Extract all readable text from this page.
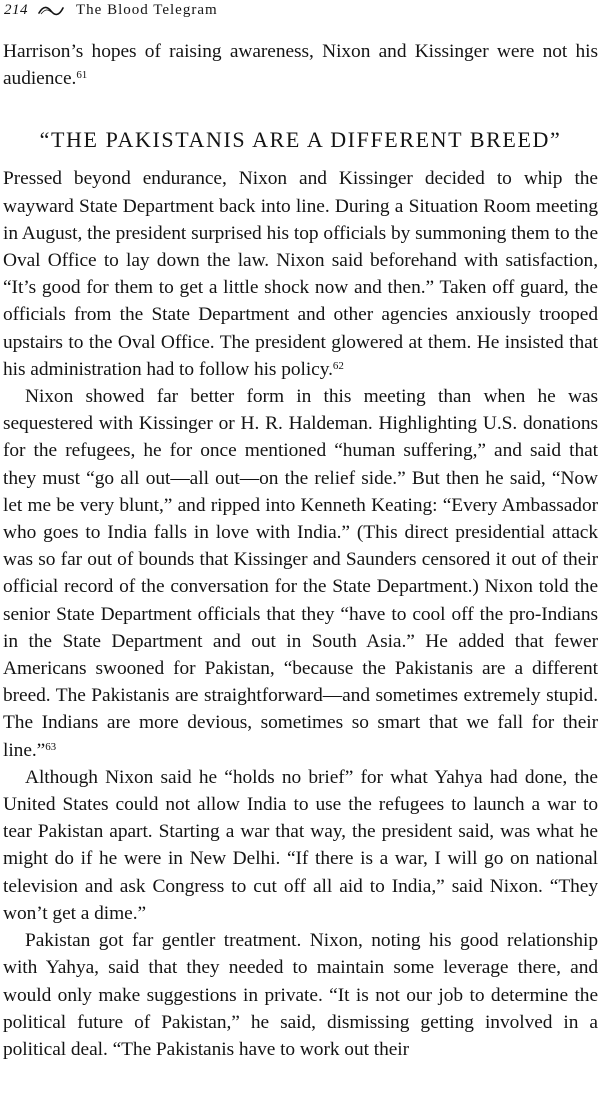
214	The Blood Telegram

Harrison’s hopes of raising awareness, Nixon and Kissinger were not his audience.$^{61}$

“THE PAKISTANIS ARE A DIFFERENT BREED”

Pressed beyond endurance, Nixon and Kissinger decided to whip the wayward State Department back into line. During a Situation Room meeting in August, the president surprised his top officials by summoning them to the Oval Office to lay down the law. Nixon said beforehand with satisfaction, “It’s good for them to get a little shock now and then.” Taken off guard, the officials from the State Department and other agencies anxiously trooped upstairs to the Oval Office. The president glowered at them. He insisted that his administration had to follow his policy.$^{62}$

Nixon showed far better form in this meeting than when he was sequestered with Kissinger or H. R. Haldeman. Highlighting U.S. donations for the refugees, he for once mentioned “human suffering,” and said that they must “go all out—all out—on the relief side.” But then he said, “Now let me be very blunt,” and ripped into Kenneth Keating: “Every Ambassador who goes to India falls in love with India.” (This direct presidential attack was so far out of bounds that Kissinger and Saunders censored it out of their official record of the conversation for the State Department.) Nixon told the senior State Department officials that they “have to cool off the pro-Indians in the State Department and out in South Asia.” He added that fewer Americans swooned for Pakistan, “because the Pakistanis are a different breed. The Pakistanis are straightforward—and sometimes extremely stupid. The Indians are more devious, sometimes so smart that we fall for their line.”$^{63}$

Although Nixon said he “holds no brief” for what Yahya had done, the United States could not allow India to use the refugees to launch a war to tear Pakistan apart. Starting a war that way, the president said, was what he might do if he were in New Delhi. “If there is a war, I will go on national television and ask Congress to cut off all aid to India,” said Nixon. “They won’t get a dime.”

Pakistan got far gentler treatment. Nixon, noting his good relationship with Yahya, said that they needed to maintain some leverage there, and would only make suggestions in private. “It is not our job to determine the political future of Pakistan,” he said, dismissing getting involved in a political deal. “The Pakistanis have to work out their
